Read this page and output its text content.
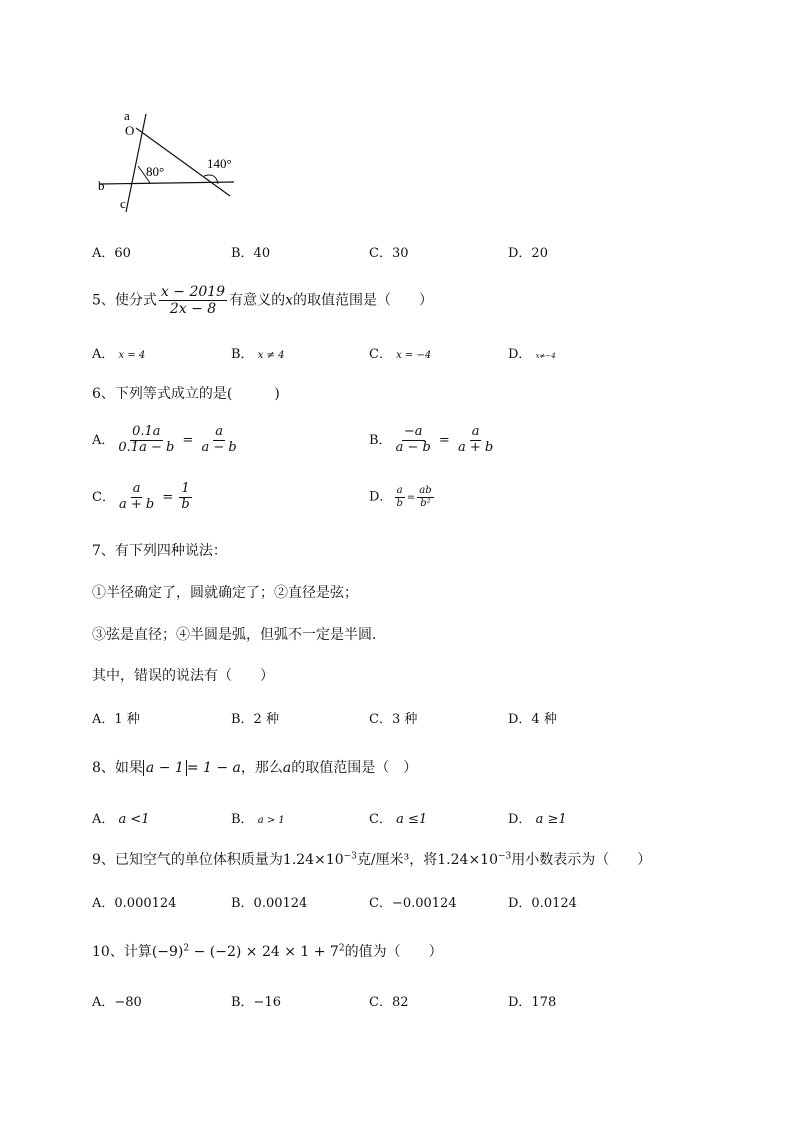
a
O
b
c
80°
140°
A．60	B．40	C．30	D．20
5、使分式 $\frac{x - 2019}{2x - 8}$ 有意义的x的取值范围是（　　）
A． x = 4	B． x ≠ 4	C． x = −4	D． x≠−4
6、下列等式成立的是(　　　)
A． $\frac{0.1a}{0.1a - b} = \frac{a}{a - b}$	B． $\frac{-a}{a - b} = \frac{a}{a + b}$
C． $\frac{a}{a + b} = \frac{1}{b}$	D． $\frac{a}{b} = \frac{ab}{\text{b²}}$
7、有下列四种说法：
①半径确定了，圆就确定了；②直径是弦；
③弦是直径；④半圆是弧，但弧不一定是半圆．
其中，错误的说法有（　　）
A．1 种	B．2 种	C．3 种	D．4 种
8、如果 a − 1 = 1 − a，那么a的取值范围是（　）
A． a <1	B． a > 1	C． a ≤1	D． a ≥1
9、已知空气的单位体积质量为$1.24\times 10^{-3}$克/厘米³，将$1.24\times 10^{-3}$用小数表示为（　　）
A．0.000124	B．0.00124	C．−0.00124	D．0.0124
10、计算$(-9)^2 - (-2) \times 24 \times 1 + 7^2$的值为（　　）
A．−80	B．−16	C．82	D．178
